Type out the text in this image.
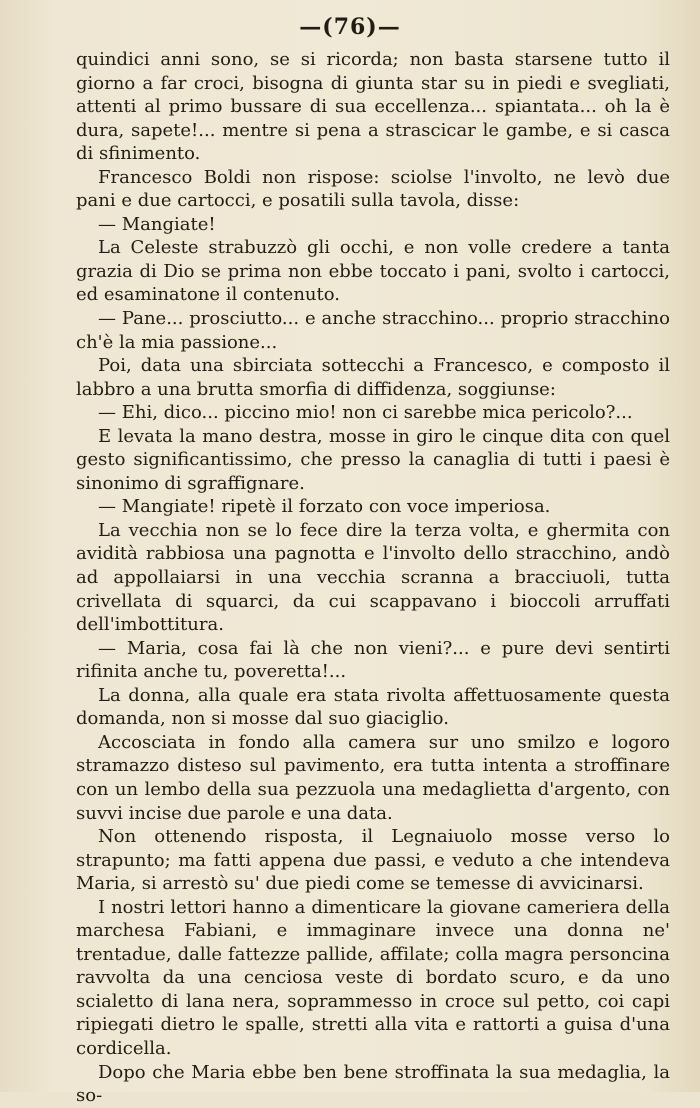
—(76)—

quindici anni sono, se si ricorda; non basta starsene tutto il giorno a far croci, bisogna di giunta star su in piedi e svegliati, attenti al primo bussare di sua eccellenza... spiantata... oh la è dura, sapete!... mentre si pena a strascicar le gambe, e si casca di sfinimento.

Francesco Boldi non rispose: sciolse l'involto, ne levò due pani e due cartocci, e posatili sulla tavola, disse:

— Mangiate!

La Celeste strabuzzò gli occhi, e non volle credere a tanta grazia di Dio se prima non ebbe toccato i pani, svolto i cartocci, ed esaminatone il contenuto.

— Pane... prosciutto... e anche stracchino... proprio stracchino ch'è la mia passione...

Poi, data una sbirciata sottecchi a Francesco, e composto il labbro a una brutta smorfia di diffidenza, soggiunse:

— Ehi, dico... piccino mio! non ci sarebbe mica pericolo?...

E levata la mano destra, mosse in giro le cinque dita con quel gesto significantissimo, che presso la canaglia di tutti i paesi è sinonimo di sgraffignare.

— Mangiate! ripetè il forzato con voce imperiosa.

La vecchia non se lo fece dire la terza volta, e ghermita con avidità rabbiosa una pagnotta e l'involto dello stracchino, andò ad appollaiarsi in una vecchia scranna a bracciuoli, tutta crivellata di squarci, da cui scappavano i bioccoli arruffati dell'imbottitura.

— Maria, cosa fai là che non vieni?... e pure devi sentirti rifinita anche tu, poveretta!...

La donna, alla quale era stata rivolta affettuosamente questa domanda, non si mosse dal suo giaciglio.

Accosciata in fondo alla camera sur uno smilzo e logoro stramazzo disteso sul pavimento, era tutta intenta a stroffinare con un lembo della sua pezzuola una medaglietta d'argento, con suvvi incise due parole e una data.

Non ottenendo risposta, il Legnaiuolo mosse verso lo strapunto; ma fatti appena due passi, e veduto a che intendeva Maria, si arrestò su' due piedi come se temesse di avvicinarsi.

I nostri lettori hanno a dimenticare la giovane cameriera della marchesa Fabiani, e immaginare invece una donna ne' trentadue, dalle fattezze pallide, affilate; colla magra personcina ravvolta da una cenciosa veste di bordato scuro, e da uno scialetto di lana nera, soprammesso in croce sul petto, coi capi ripiegati dietro le spalle, stretti alla vita e rattorti a guisa d'una cordicella.

Dopo che Maria ebbe ben bene stroffinata la sua medaglia, la so-
